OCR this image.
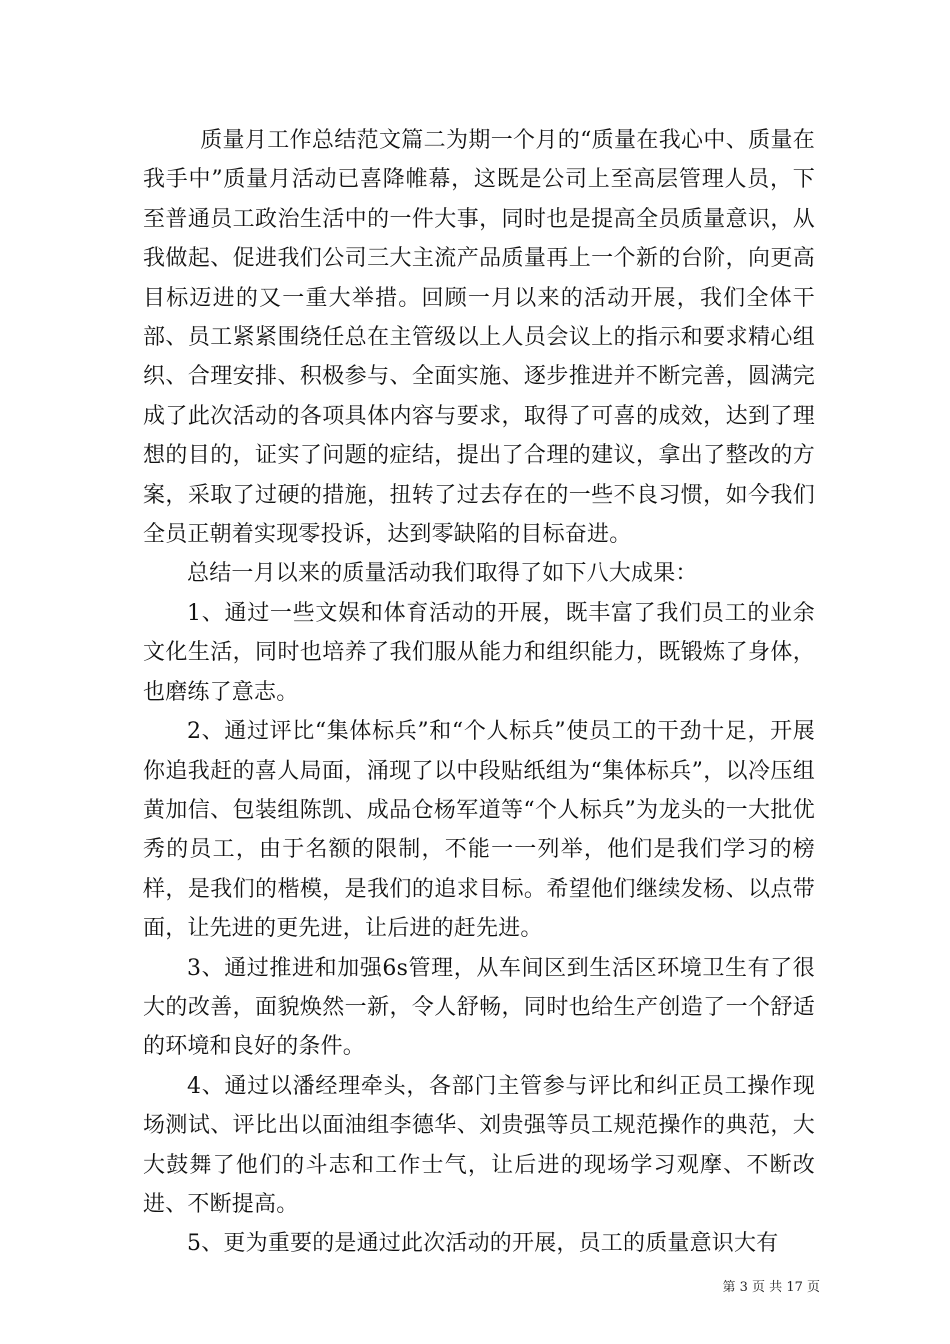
质量月工作总结范文篇二为期一个月的“质量在我心中、质量在我手中”质量月活动已喜降帷幕，这既是公司上至高层管理人员，下至普通员工政治生活中的一件大事，同时也是提高全员质量意识，从我做起、促进我们公司三大主流产品质量再上一个新的台阶，向更高目标迈进的又一重大举措。回顾一月以来的活动开展，我们全体干部、员工紧紧围绕任总在主管级以上人员会议上的指示和要求精心组织、合理安排、积极参与、全面实施、逐步推进并不断完善，圆满完成了此次活动的各项具体内容与要求，取得了可喜的成效，达到了理想的目的，证实了问题的症结，提出了合理的建议，拿出了整改的方案，采取了过硬的措施，扭转了过去存在的一些不良习惯，如今我们全员正朝着实现零投诉，达到零缺陷的目标奋进。

总结一月以来的质量活动我们取得了如下八大成果：

1、通过一些文娱和体育活动的开展，既丰富了我们员工的业余文化生活，同时也培养了我们服从能力和组织能力，既锻炼了身体，也磨练了意志。

2、通过评比“集体标兵”和“个人标兵”使员工的干劲十足，开展你追我赶的喜人局面，涌现了以中段贴纸组为“集体标兵”，以冷压组黄加信、包装组陈凯、成品仓杨军道等“个人标兵”为龙头的一大批优秀的员工，由于名额的限制，不能一一列举，他们是我们学习的榜样，是我们的楷模，是我们的追求目标。希望他们继续发杨、以点带面，让先进的更先进，让后进的赶先进。

3、通过推进和加强6s管理，从车间区到生活区环境卫生有了很大的改善，面貌焕然一新，令人舒畅，同时也给生产创造了一个舒适的环境和良好的条件。

4、通过以潘经理牵头，各部门主管参与评比和纠正员工操作现场测试、评比出以面油组李德华、刘贵强等员工规范操作的典范，大大鼓舞了他们的斗志和工作士气，让后进的现场学习观摩、不断改进、不断提高。

5、更为重要的是通过此次活动的开展，员工的质量意识大有

第 3 页 共 17 页
